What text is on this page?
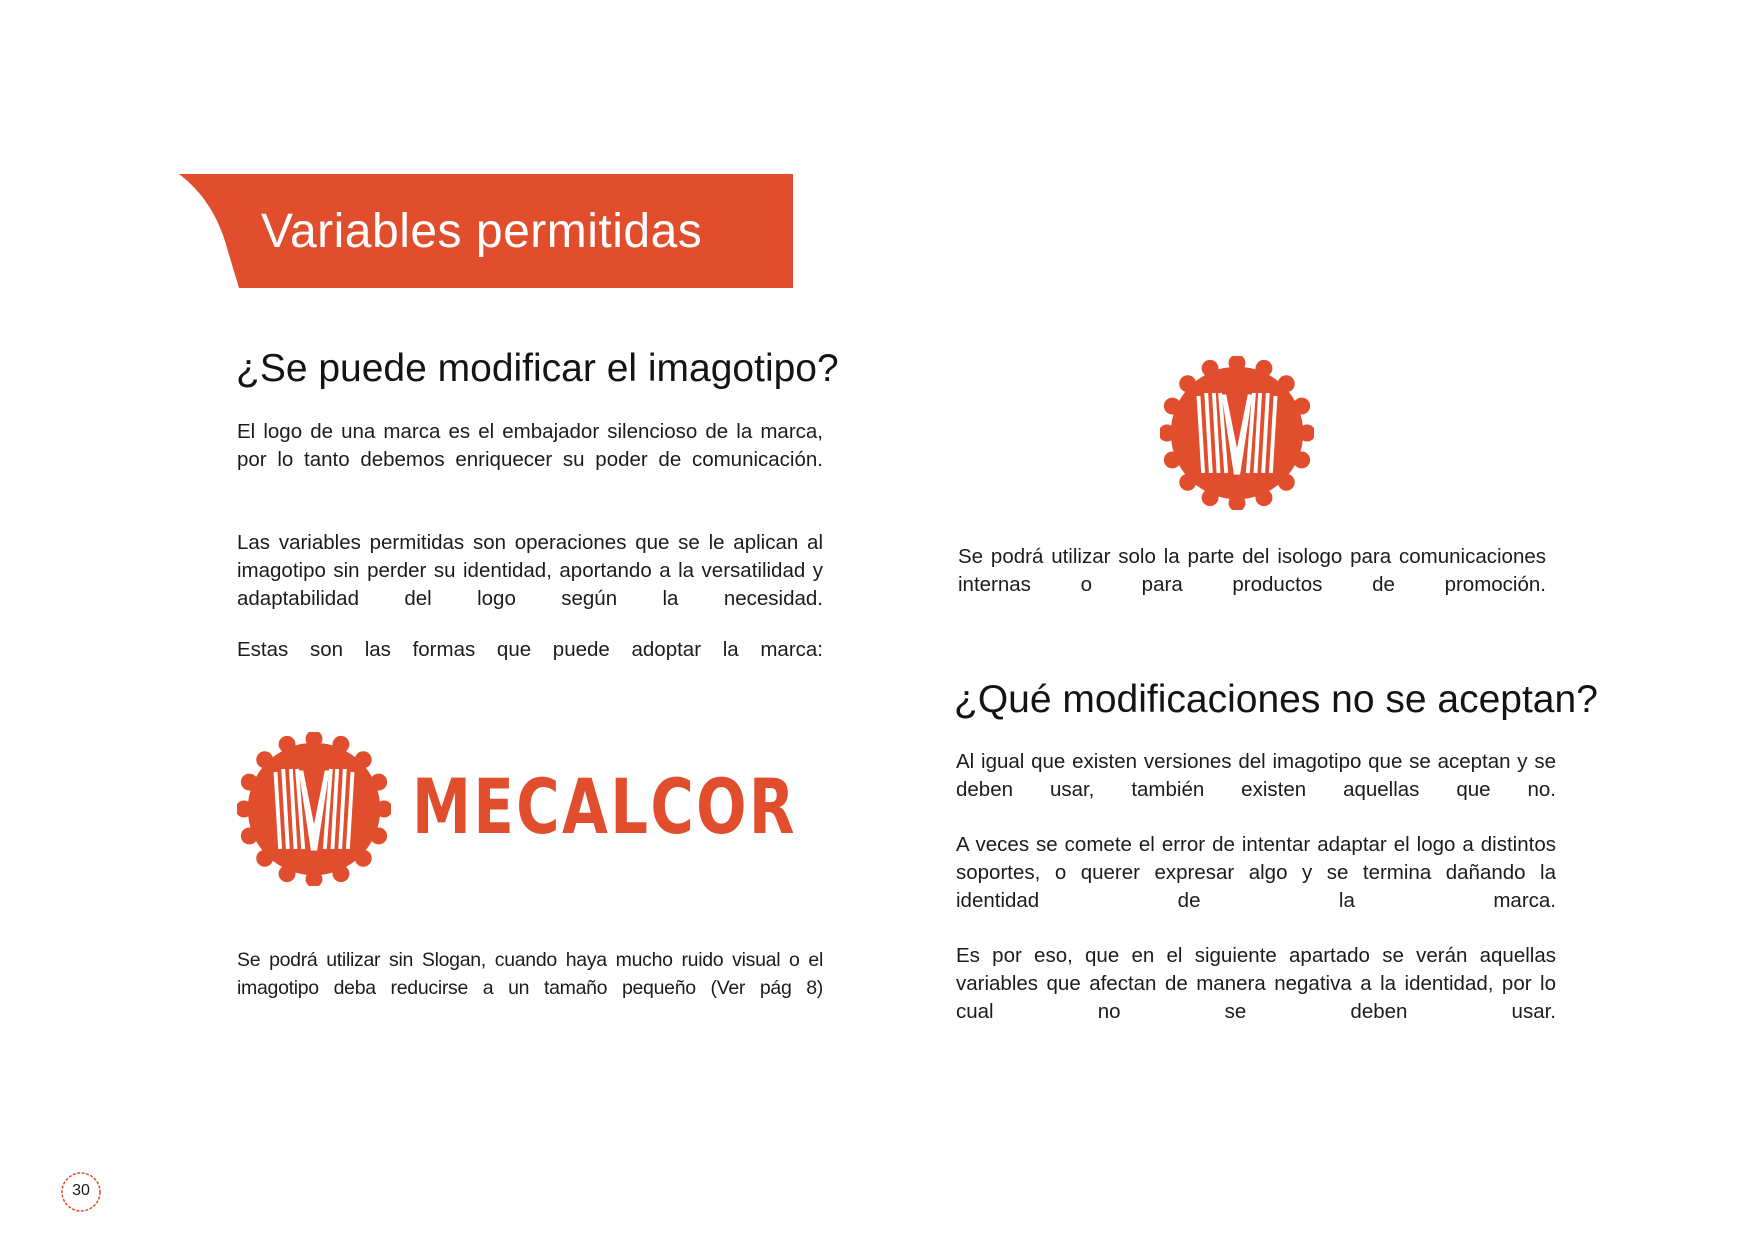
Variables permitidas
¿Se puede modificar el imagotipo?

El logo de una marca es el embajador silencioso de la marca, por lo tanto debemos enriquecer su poder de comunicación.

Las variables permitidas son operaciones que se le aplican al imagotipo sin perder su identidad, aportando a la versatilidad y adaptabilidad del logo según la necesidad.

Estas son las formas que puede adoptar la marca:

MECALCOR

Se podrá utilizar sin Slogan, cuando haya mucho ruido visual o el imagotipo deba reducirse a un tamaño pequeño (Ver pág 8)

Se podrá utilizar solo la parte del isologo para comunicaciones internas o para productos de promoción.

¿Qué modificaciones no se aceptan?

Al igual que existen versiones del imagotipo que se aceptan y se deben usar, también existen aquellas que no.

A veces se comete el error de intentar adaptar el logo a distintos soportes, o querer expresar algo y se termina dañando la identidad de la marca.

Es por eso, que en el siguiente apartado se verán aquellas variables que afectan de manera negativa a la identidad, por lo cual no se deben usar.

30
